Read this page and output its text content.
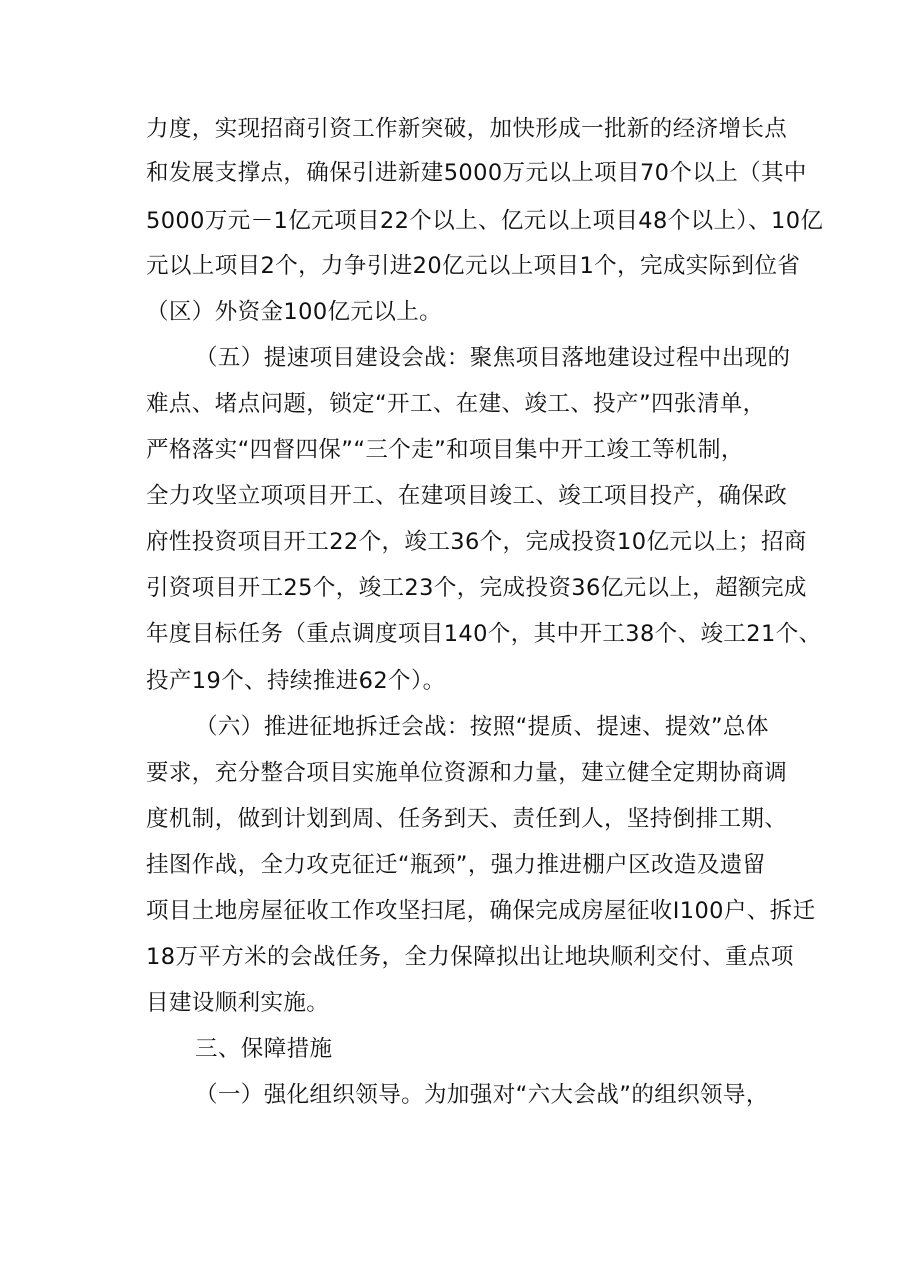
力度，实现招商引资工作新突破，加快形成一批新的经济增长点
和发展支撑点，确保引进新建5000万元以上项目70个以上（其中
5000万元－1亿元项目22个以上、亿元以上项目48个以上）、10亿
元以上项目2个，力争引进20亿元以上项目1个，完成实际到位省
（区）外资金100亿元以上。
（五）提速项目建设会战：聚焦项目落地建设过程中出现的
难点、堵点问题，锁定“开工、在建、竣工、投产”四张清单，
严格落实“四督四保”“三个走”和项目集中开工竣工等机制，
全力攻坚立项项目开工、在建项目竣工、竣工项目投产，确保政
府性投资项目开工22个，竣工36个，完成投资10亿元以上；招商
引资项目开工25个，竣工23个，完成投资36亿元以上，超额完成
年度目标任务（重点调度项目140个，其中开工38个、竣工21个、
投产19个、持续推进62个）。
（六）推进征地拆迁会战：按照“提质、提速、提效”总体
要求，充分整合项目实施单位资源和力量，建立健全定期协商调
度机制，做到计划到周、任务到天、责任到人，坚持倒排工期、
挂图作战，全力攻克征迁“瓶颈”，强力推进棚户区改造及遗留
项目土地房屋征收工作攻坚扫尾，确保完成房屋征收I100户、拆迁
18万平方米的会战任务，全力保障拟出让地块顺利交付、重点项
目建设顺利实施。
三、保障措施
（一）强化组织领导。为加强对“六大会战”的组织领导，
